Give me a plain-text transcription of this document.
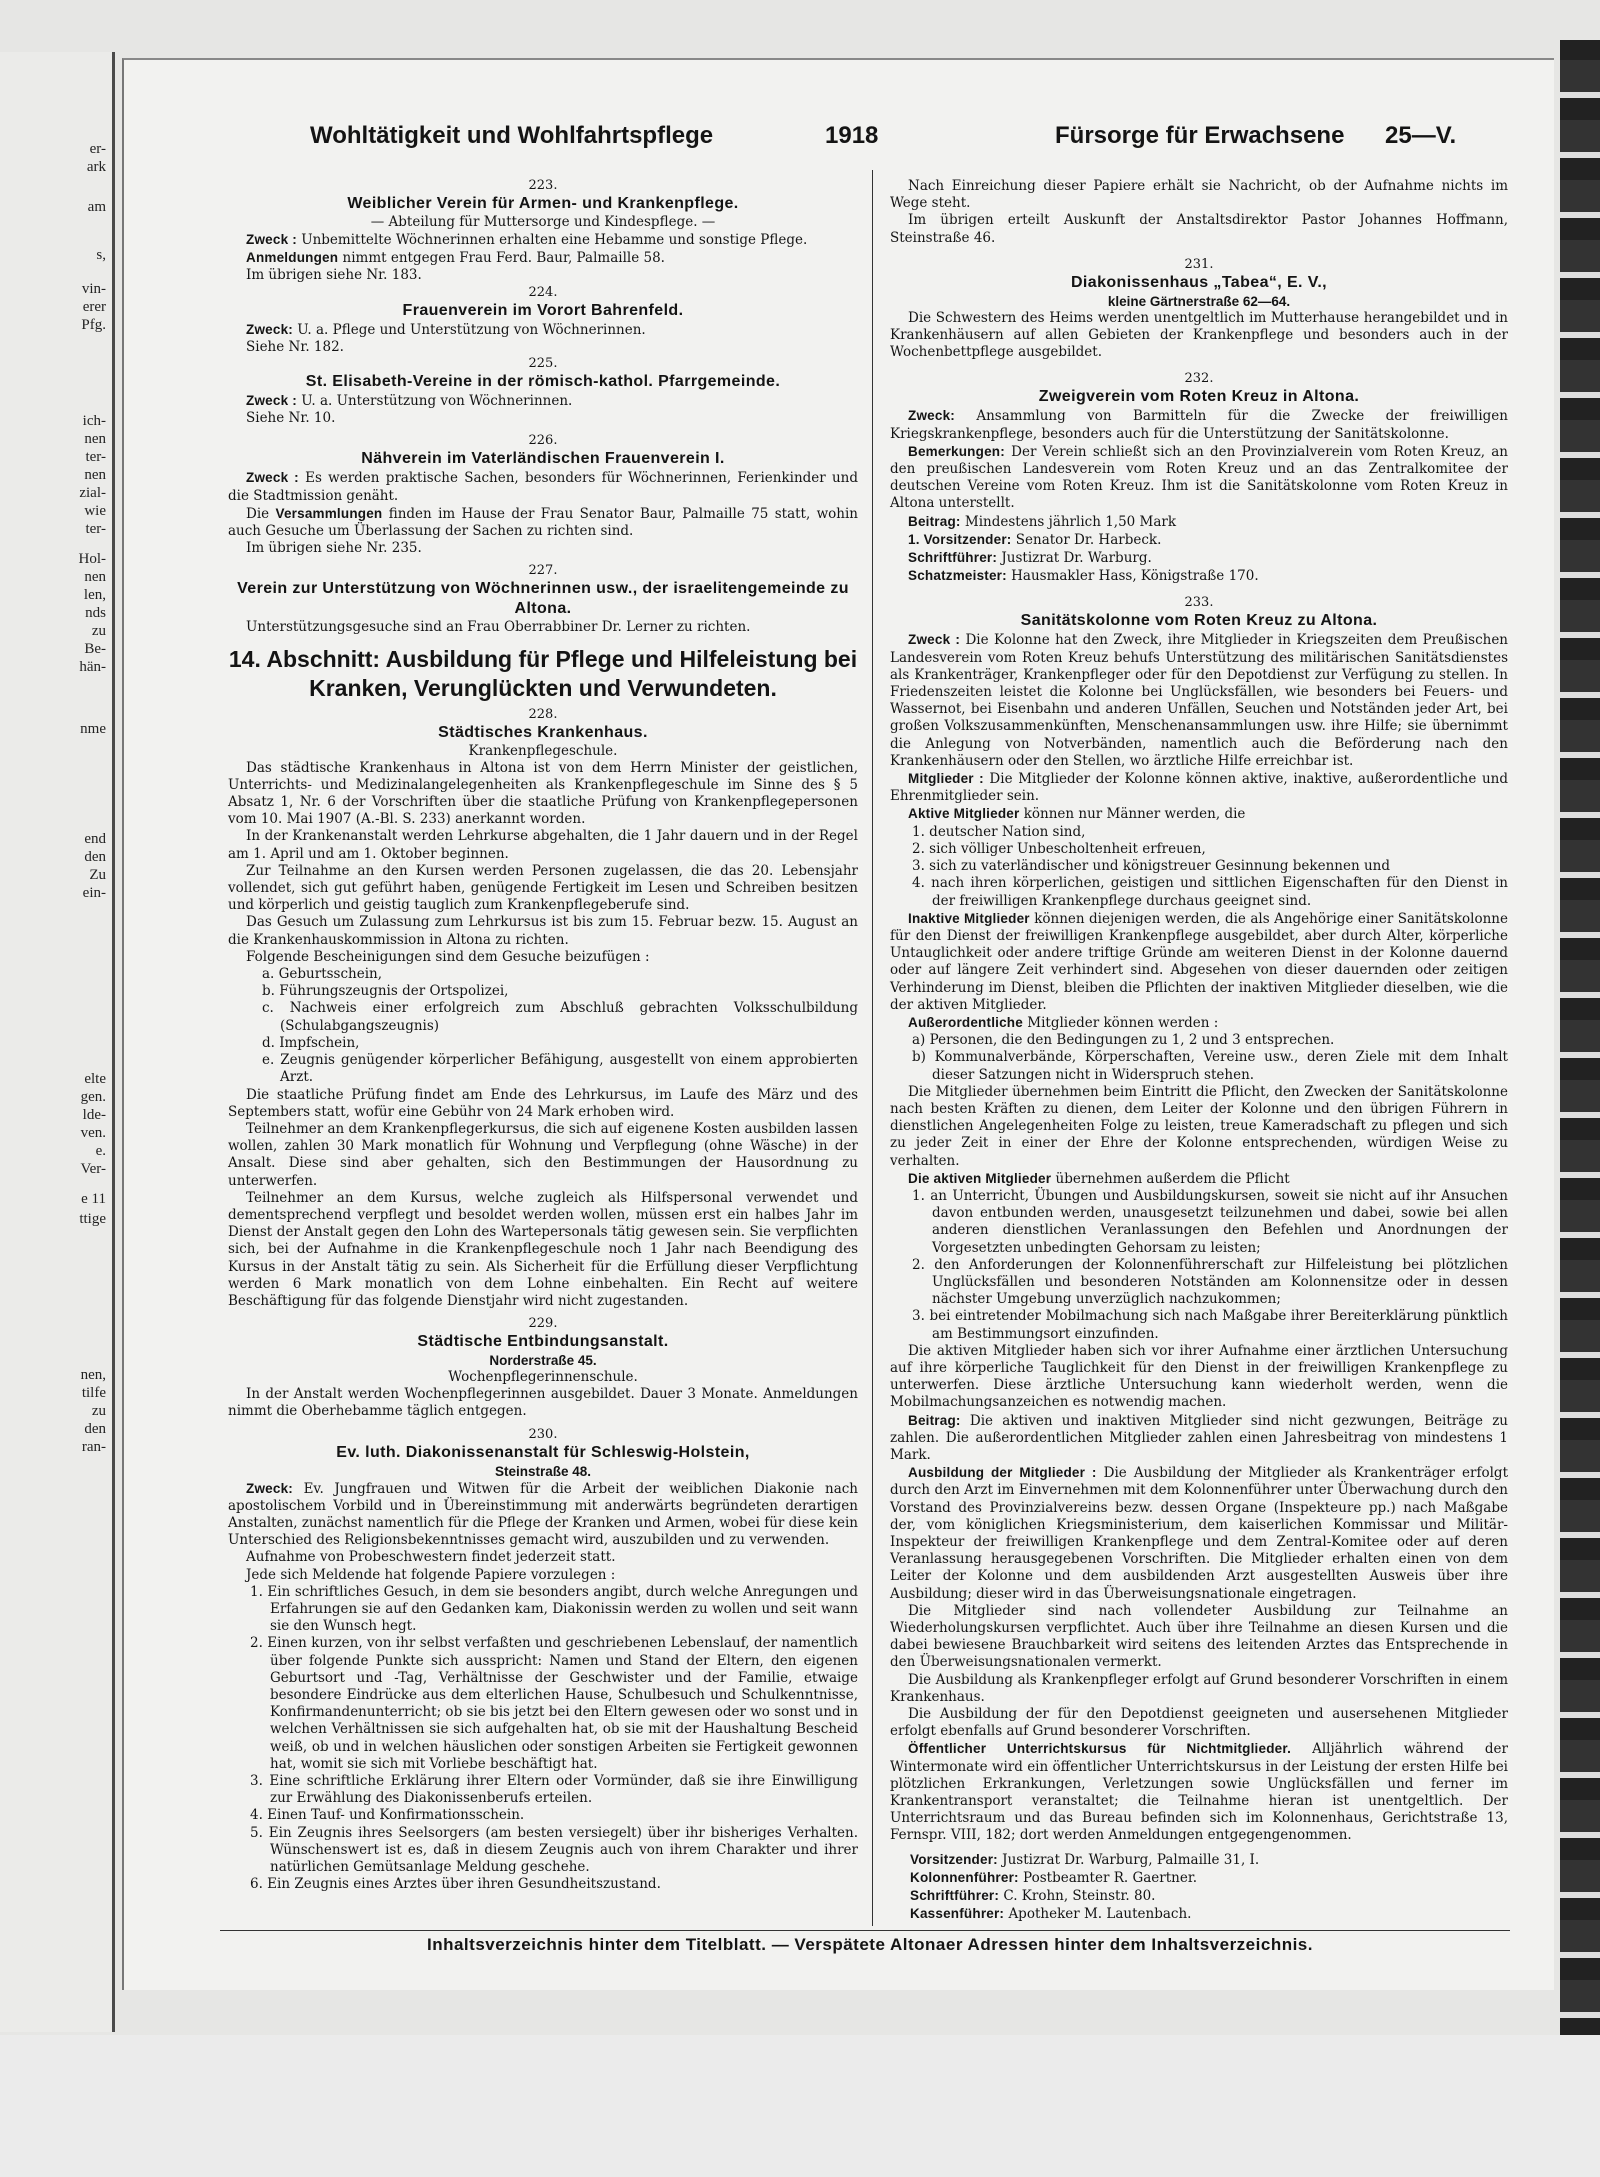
er-
ark
am
s,
vin-
erer
Pfg.
ich-
nen
ter-
nen
zial-
wie
ter-
Hol-
nen
len,
nds
zu
Be-
hän-
nme
end
den
Zu
ein-
elte
gen.
lde-
ven.
e.
Ver-
e 11
ttige
nen,
tilfe
zu
den
ran-
Wohltätigkeit und Wohlfahrtspflege	1918	Fürsorge für Erwachsene 25—V.
223.
Weiblicher Verein für Armen- und Krankenpflege.
— Abteilung für Muttersorge und Kindespflege. —

Zweck : Unbemittelte Wöchnerinnen erhalten eine Hebamme und sonstige Pflege.

Anmeldungen nimmt entgegen Frau Ferd. Baur, Palmaille 58.

Im übrigen siehe Nr. 183.

224.
Frauenverein im Vorort Bahrenfeld.

Zweck: U. a. Pflege und Unterstützung von Wöchnerinnen.

Siehe Nr. 182.

225.
St. Elisabeth-Vereine in der römisch-kathol. Pfarrgemeinde.

Zweck : U. a. Unterstützung von Wöchnerinnen.

Siehe Nr. 10.

226.
Nähverein im Vaterländischen Frauenverein I.

Zweck : Es werden praktische Sachen, besonders für Wöchnerinnen, Ferienkinder und die Stadtmission genäht.

Die Versammlungen finden im Hause der Frau Senator Baur, Palmaille 75 statt, wohin auch Gesuche um Überlassung der Sachen zu richten sind.

Im übrigen siehe Nr. 235.

227.
Verein zur Unterstützung von Wöchnerinnen usw., der israelitengemeinde zu Altona.

Unterstützungsgesuche sind an Frau Oberrabbiner Dr. Lerner zu richten.

14. Abschnitt: Ausbildung für Pflege und Hilfeleistung bei Kranken, Verunglückten und Verwundeten.
228.
Städtisches Krankenhaus.
Krankenpflegeschule.

Das städtische Krankenhaus in Altona ist von dem Herrn Minister der geistlichen, Unterrichts- und Medizinalangelegenheiten als Krankenpflegeschule im Sinne des § 5 Absatz 1, Nr. 6 der Vorschriften über die staatliche Prüfung von Krankenpflegepersonen vom 10. Mai 1907 (A.-Bl. S. 233) anerkannt worden.

In der Krankenanstalt werden Lehrkurse abgehalten, die 1 Jahr dauern und in der Regel am 1. April und am 1. Oktober beginnen.

Zur Teilnahme an den Kursen werden Personen zugelassen, die das 20. Lebensjahr vollendet, sich gut geführt haben, genügende Fertigkeit im Lesen und Schreiben besitzen und körperlich und geistig tauglich zum Krankenpflegeberufe sind.

Das Gesuch um Zulassung zum Lehrkursus ist bis zum 15. Februar bezw. 15. August an die Krankenhauskommission in Altona zu richten.

Folgende Bescheinigungen sind dem Gesuche beizufügen :

a. Geburtsschein,

b. Führungszeugnis der Ortspolizei,

c. Nachweis einer erfolgreich zum Abschluß gebrachten Volksschulbildung (Schulabgangszeugnis)

d. Impfschein,

e. Zeugnis genügender körperlicher Befähigung, ausgestellt von einem approbierten Arzt.

Die staatliche Prüfung findet am Ende des Lehrkursus, im Laufe des März und des Septembers statt, wofür eine Gebühr von 24 Mark erhoben wird.

Teilnehmer an dem Krankenpflegerkursus, die sich auf eigenene Kosten ausbilden lassen wollen, zahlen 30 Mark monatlich für Wohnung und Verpflegung (ohne Wäsche) in der Ansalt. Diese sind aber gehalten, sich den Bestimmungen der Hausordnung zu unterwerfen.

Teilnehmer an dem Kursus, welche zugleich als Hilfspersonal verwendet und dementsprechend verpflegt und besoldet werden wollen, müssen erst ein halbes Jahr im Dienst der Anstalt gegen den Lohn des Wartepersonals tätig gewesen sein. Sie verpflichten sich, bei der Aufnahme in die Krankenpflegeschule noch 1 Jahr nach Beendigung des Kursus in der Anstalt tätig zu sein. Als Sicherheit für die Erfüllung dieser Verpflichtung werden 6 Mark monatlich von dem Lohne einbehalten. Ein Recht auf weitere Beschäftigung für das folgende Dienstjahr wird nicht zugestanden.

229.
Städtische Entbindungsanstalt.
Norderstraße 45.
Wochenpflegerinnenschule.

In der Anstalt werden Wochenpflegerinnen ausgebildet. Dauer 3 Monate. Anmeldungen nimmt die Oberhebamme täglich entgegen.

230.
Ev. luth. Diakonissenanstalt für Schleswig-Holstein,
Steinstraße 48.

Zweck: Ev. Jungfrauen und Witwen für die Arbeit der weiblichen Diakonie nach apostolischem Vorbild und in Übereinstimmung mit anderwärts begründeten derartigen Anstalten, zunächst namentlich für die Pflege der Kranken und Armen, wobei für diese kein Unterschied des Religionsbekenntnisses gemacht wird, auszubilden und zu verwenden.

Aufnahme von Probeschwestern findet jederzeit statt.

Jede sich Meldende hat folgende Papiere vorzulegen :

1. Ein schriftliches Gesuch, in dem sie besonders angibt, durch welche Anregungen und Erfahrungen sie auf den Gedanken kam, Diakonissin werden zu wollen und seit wann sie den Wunsch hegt.

2. Einen kurzen, von ihr selbst verfaßten und geschriebenen Lebenslauf, der namentlich über folgende Punkte sich ausspricht: Namen und Stand der Eltern, den eigenen Geburtsort und -Tag, Verhältnisse der Geschwister und der Familie, etwaige besondere Eindrücke aus dem elterlichen Hause, Schulbesuch und Schulkenntnisse, Konfirmandenunterricht; ob sie bis jetzt bei den Eltern gewesen oder wo sonst und in welchen Verhältnissen sie sich aufgehalten hat, ob sie mit der Haushaltung Bescheid weiß, ob und in welchen häuslichen oder sonstigen Arbeiten sie Fertigkeit gewonnen hat, womit sie sich mit Vorliebe beschäftigt hat.

3. Eine schriftliche Erklärung ihrer Eltern oder Vormünder, daß sie ihre Einwilligung zur Erwählung des Diakonissenberufs erteilen.

4. Einen Tauf- und Konfirmationsschein.

5. Ein Zeugnis ihres Seelsorgers (am besten versiegelt) über ihr bisheriges Verhalten. Wünschenswert ist es, daß in diesem Zeugnis auch von ihrem Charakter und ihrer natürlichen Gemütsanlage Meldung geschehe.

6. Ein Zeugnis eines Arztes über ihren Gesundheitszustand.

Nach Einreichung dieser Papiere erhält sie Nachricht, ob der Aufnahme nichts im Wege steht.

Im übrigen erteilt Auskunft der Anstaltsdirektor Pastor Johannes Hoffmann, Steinstraße 46.

231.
Diakonissenhaus „Tabea“, E. V.,
kleine Gärtnerstraße 62—64.

Die Schwestern des Heims werden unentgeltlich im Mutterhause herangebildet und in Krankenhäusern auf allen Gebieten der Krankenpflege und besonders auch in der Wochenbettpflege ausgebildet.

232.
Zweigverein vom Roten Kreuz in Altona.

Zweck: Ansammlung von Barmitteln für die Zwecke der freiwilligen Kriegskrankenpflege, besonders auch für die Unterstützung der Sanitätskolonne.

Bemerkungen: Der Verein schließt sich an den Provinzialverein vom Roten Kreuz, an den preußischen Landesverein vom Roten Kreuz und an das Zentralkomitee der deutschen Vereine vom Roten Kreuz. Ihm ist die Sanitätskolonne vom Roten Kreuz in Altona unterstellt.

Beitrag: Mindestens jährlich 1,50 Mark

1. Vorsitzender: Senator Dr. Harbeck.

Schriftführer: Justizrat Dr. Warburg.

Schatzmeister: Hausmakler Hass, Königstraße 170.

233.
Sanitätskolonne vom Roten Kreuz zu Altona.

Zweck : Die Kolonne hat den Zweck, ihre Mitglieder in Kriegszeiten dem Preußischen Landesverein vom Roten Kreuz behufs Unterstützung des militärischen Sanitätsdienstes als Krankenträger, Krankenpfleger oder für den Depotdienst zur Verfügung zu stellen. In Friedenszeiten leistet die Kolonne bei Unglücksfällen, wie besonders bei Feuers- und Wassernot, bei Eisenbahn und anderen Unfällen, Seuchen und Notständen jeder Art, bei großen Volkszusammenkünften, Menschenansammlungen usw. ihre Hilfe; sie übernimmt die Anlegung von Notverbänden, namentlich auch die Beförderung nach den Krankenhäusern oder den Stellen, wo ärztliche Hilfe erreichbar ist.

Mitglieder : Die Mitglieder der Kolonne können aktive, inaktive, außerordentliche und Ehrenmitglieder sein.

Aktive Mitglieder können nur Männer werden, die

1. deutscher Nation sind,

2. sich völliger Unbescholtenheit erfreuen,

3. sich zu vaterländischer und königstreuer Gesinnung bekennen und

4. nach ihren körperlichen, geistigen und sittlichen Eigenschaften für den Dienst in der freiwilligen Krankenpflege durchaus geeignet sind.

Inaktive Mitglieder können diejenigen werden, die als Angehörige einer Sanitätskolonne für den Dienst der freiwilligen Krankenpflege ausgebildet, aber durch Alter, körperliche Untauglichkeit oder andere triftige Gründe am weiteren Dienst in der Kolonne dauernd oder auf längere Zeit verhindert sind. Abgesehen von dieser dauernden oder zeitigen Verhinderung im Dienst, bleiben die Pflichten der inaktiven Mitglieder dieselben, wie die der aktiven Mitglieder.

Außerordentliche Mitglieder können werden :

a) Personen, die den Bedingungen zu 1, 2 und 3 entsprechen.

b) Kommunalverbände, Körperschaften, Vereine usw., deren Ziele mit dem Inhalt dieser Satzungen nicht in Widerspruch stehen.

Die Mitglieder übernehmen beim Eintritt die Pflicht, den Zwecken der Sanitätskolonne nach besten Kräften zu dienen, dem Leiter der Kolonne und den übrigen Führern in dienstlichen Angelegenheiten Folge zu leisten, treue Kameradschaft zu pflegen und sich zu jeder Zeit in einer der Ehre der Kolonne entsprechenden, würdigen Weise zu verhalten.

Die aktiven Mitglieder übernehmen außerdem die Pflicht

1. an Unterricht, Übungen und Ausbildungskursen, soweit sie nicht auf ihr Ansuchen davon entbunden werden, unausgesetzt teilzunehmen und dabei, sowie bei allen anderen dienstlichen Veranlassungen den Befehlen und Anordnungen der Vorgesetzten unbedingten Gehorsam zu leisten;

2. den Anforderungen der Kolonnenführerschaft zur Hilfeleistung bei plötzlichen Unglücksfällen und besonderen Notständen am Kolonnensitze oder in dessen nächster Umgebung unverzüglich nachzukommen;

3. bei eintretender Mobilmachung sich nach Maßgabe ihrer Bereiterklärung pünktlich am Bestimmungsort einzufinden.

Die aktiven Mitglieder haben sich vor ihrer Aufnahme einer ärztlichen Untersuchung auf ihre körperliche Tauglichkeit für den Dienst in der freiwilligen Krankenpflege zu unterwerfen. Diese ärztliche Untersuchung kann wiederholt werden, wenn die Mobilmachungsanzeichen es notwendig machen.

Beitrag: Die aktiven und inaktiven Mitglieder sind nicht gezwungen, Beiträge zu zahlen. Die außerordentlichen Mitglieder zahlen einen Jahresbeitrag von mindestens 1 Mark.

Ausbildung der Mitglieder : Die Ausbildung der Mitglieder als Krankenträger erfolgt durch den Arzt im Einvernehmen mit dem Kolonnenführer unter Überwachung durch den Vorstand des Provinzialvereins bezw. dessen Organe (Inspekteure pp.) nach Maßgabe der, vom königlichen Kriegsministerium, dem kaiserlichen Kommissar und Militär-Inspekteur der freiwilligen Krankenpflege und dem Zentral-Komitee oder auf deren Veranlassung herausgegebenen Vorschriften. Die Mitglieder erhalten einen von dem Leiter der Kolonne und dem ausbildenden Arzt ausgestellten Ausweis über ihre Ausbildung; dieser wird in das Überweisungsnationale eingetragen.

Die Mitglieder sind nach vollendeter Ausbildung zur Teilnahme an Wiederholungskursen verpflichtet. Auch über ihre Teilnahme an diesen Kursen und die dabei bewiesene Brauchbarkeit wird seitens des leitenden Arztes das Entsprechende in den Überweisungsnationalen vermerkt.

Die Ausbildung als Krankenpfleger erfolgt auf Grund besonderer Vorschriften in einem Krankenhaus.

Die Ausbildung der für den Depotdienst geeigneten und ausersehenen Mitglieder erfolgt ebenfalls auf Grund besonderer Vorschriften.

Öffentlicher Unterrichtskursus für Nichtmitglieder. Alljährlich während der Wintermonate wird ein öffentlicher Unterrichtskursus in der Leistung der ersten Hilfe bei plötzlichen Erkrankungen, Verletzungen sowie Unglücksfällen und ferner im Krankentransport veranstaltet; die Teilnahme hieran ist unentgeltlich. Der Unterrichtsraum und das Bureau befinden sich im Kolonnenhaus, Gerichtstraße 13, Fernspr. VIII, 182; dort werden Anmeldungen entgegengenommen.

Vorsitzender: Justizrat Dr. Warburg, Palmaille 31, I.

Kolonnenführer: Postbeamter R. Gaertner.

Schriftführer: C. Krohn, Steinstr. 80.

Kassenführer: Apotheker M. Lautenbach.

Inhaltsverzeichnis hinter dem Titelblatt. — Verspätete Altonaer Adressen hinter dem Inhaltsverzeichnis.
